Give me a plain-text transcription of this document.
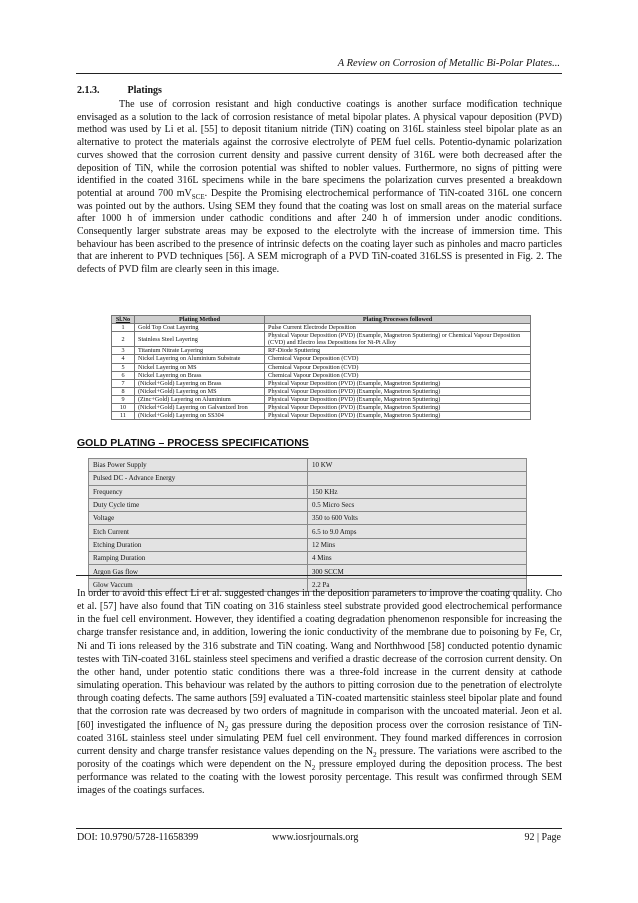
A Review on Corrosion of Metallic Bi-Polar Plates...
2.1.3.	Platings
The use of corrosion resistant and high conductive coatings is another surface modification technique envisaged as a solution to the lack of corrosion resistance of metal bipolar plates. A physical vapour deposition (PVD) method was used by Li et al. [55] to deposit titanium nitride (TiN) coating on 316L stainless steel bipolar plate as an alternative to protect the materials against the corrosive electrolyte of PEM fuel cells. Potentio-dynamic polarization curves showed that the corrosion current density and passive current density of 316L were both decreased after the deposition of TiN, while the corrosion potential was shifted to nobler values. Furthermore, no signs of pitting were identified in the coated 316L specimens while in the bare specimens the polarization curves presented a breakdown potential at around 700 $mV_{SCE}$. Despite the Promising electrochemical performance of TiN-coated 316L one concern was pointed out by the authors. Using SEM they found that the coating was lost on small areas on the material surface after 1000 h of immersion under cathodic conditions and after 240 h of immersion under anodic conditions. Consequently larger substrate areas may be exposed to the electrolyte with the increase of immersion time. This behaviour has been ascribed to the presence of intrinsic defects on the coating layer such as pinholes and macro particles that are inherent to PVD techniques [56]. A SEM micrograph of a PVD TiN-coated 316LSS is presented in Fig. 2. The defects of PVD film are clearly seen in this image.
Sl.No	Plating Method	Plating Processes followed
1	Gold Top Coat Layering	Pulse Current Electrode Deposition
2	Stainless Steel Layering	Physical Vapour Deposition (PVD) (Example, Magnetron Sputtering) or Chemical Vapour Deposition (CVD) and Electro less Depositions for Ni-Pt Alloy
3	Titanium Nitrate Layering	RF-Diode Sputtering
4	Nickel Layering on Aluminium Substrate	Chemical Vapour Deposition (CVD)
5	Nickel Layering on MS	Chemical Vapour Deposition (CVD)
6	Nickel Layering on Brass	Chemical Vapour Deposition (CVD)
7	(Nickel+Gold) Layering on Brass	Physical Vapour Deposition (PVD) (Example, Magnetron Sputtering)
8	(Nickel+Gold) Layering on MS	Physical Vapour Deposition (PVD) (Example, Magnetron Sputtering)
9	(Zinc+Gold) Layering on Aluminium	Physical Vapour Deposition (PVD) (Example, Magnetron Sputtering)
10	(Nickel+Gold) Layering on Galvanized Iron	Physical Vapour Deposition (PVD) (Example, Magnetron Sputtering)
11	(Nickel+Gold) Layering on SS304	Physical Vapour Deposition (PVD) (Example, Magnetron Sputtering)
GOLD PLATING – PROCESS SPECIFICATIONS
Bias Power Supply	10 KW
Pulsed DC - Advance Energy	
Frequency	150 KHz
Duty Cycle time	0.5 Micro Secs
Voltage	350 to 600 Volts
Etch Current	6.5 to 9.0 Amps
Etching Duration	12 Mins
Ramping Duration	4 Mins
Argon Gas flow	300 SCCM
Glow Vaccum	2.2 Pa
In order to avoid this effect Li et al. suggested changes in the deposition parameters to improve the coating quality. Cho et al. [57] have also found that TiN coating on 316 stainless steel substrate provided good electrochemical performance in the fuel cell environment. However, they identified a coating degradation phenomenon responsible for increasing the charge transfer resistance and, in addition, lowering the ionic conductivity of the membrane due to poisoning by Fe, Cr, Ni and Ti ions released by the 316 substrate and TiN coating. Wang and Northhwood [58] conducted potentio dynamic testes with TiN-coated 316L stainless steel specimens and verified a drastic decrease of the corrosion current density. On the other hand, under potentio static conditions there was a three-fold increase in the current density at cathode simulating operation. This behaviour was related by the authors to pitting corrosion due to the penetration of electrolyte through coating defects. The same authors [59] evaluated a TiN-coated martensitic stainless steel bipolar plate and found that the corrosion rate was decreased by two orders of magnitude in comparison with the uncoated material. Jeon et al. [60] investigated the influence of $N_2$ gas pressure during the deposition process over the corrosion resistance of TiN-coated 316L stainless steel under simulating PEM fuel cell environment. They found marked differences in corrosion current density and charge transfer resistance values depending on the $N_2$ pressure. The variations were ascribed to the porosity of the coatings which were dependent on the $N_2$ pressure employed during the deposition process. The best performance was related to the coating with the lowest porosity percentage. This result was confirmed through SEM images of the coatings surfaces.
DOI: 10.9790/5728-11658399	www.iosrjournals.org	92 | Page
